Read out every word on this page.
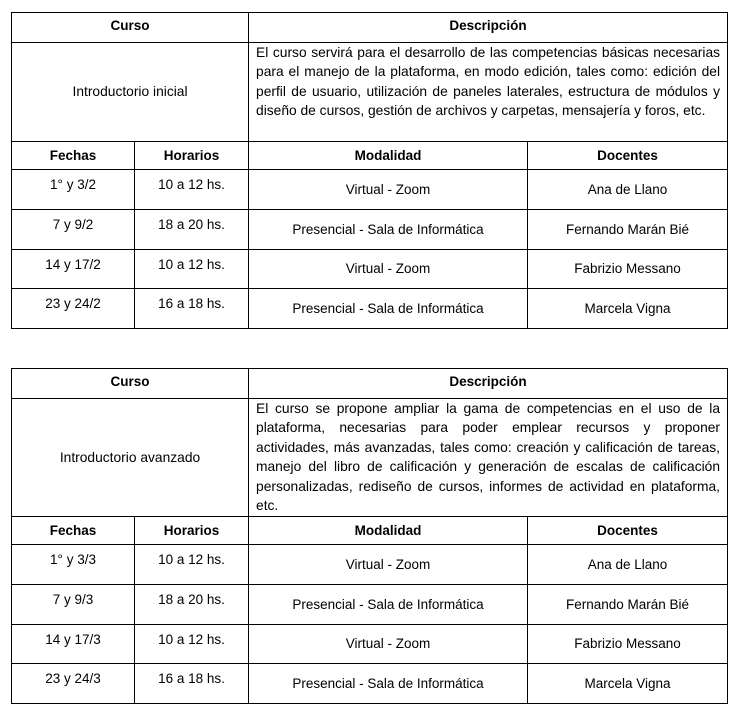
Curso		Descripción	
Introductorio inicial		El curso servirá para el desarrollo de las competencias básicas necesarias para el manejo de la plataforma, en modo edición, tales como: edición del perfil de usuario, utilización de paneles laterales, estructura de módulos y diseño de cursos, gestión de archivos y carpetas, mensajería y foros, etc.	
Fechas	Horarios	Modalidad	Docentes
1° y 3/2	10 a 12 hs.	Virtual - Zoom	Ana de Llano
7 y 9/2	18 a 20 hs.	Presencial - Sala de Informática	Fernando Marán Bié
14 y 17/2	10 a 12 hs.	Virtual - Zoom	Fabrizio Messano
23 y 24/2	16 a 18 hs.	Presencial - Sala de Informática	Marcela Vigna
Curso		Descripción	
Introductorio avanzado		El curso se propone ampliar la gama de competencias en el uso de la plataforma, necesarias para poder emplear recursos y proponer actividades, más avanzadas, tales como: creación y calificación de tareas, manejo del libro de calificación y generación de escalas de calificación personalizadas, rediseño de cursos, informes de actividad en plataforma, etc.	
Fechas	Horarios	Modalidad	Docentes
1° y 3/3	10 a 12 hs.	Virtual - Zoom	Ana de Llano
7 y 9/3	18 a 20 hs.	Presencial - Sala de Informática	Fernando Marán Bié
14 y 17/3	10 a 12 hs.	Virtual - Zoom	Fabrizio Messano
23 y 24/3	16 a 18 hs.	Presencial - Sala de Informática	Marcela Vigna
